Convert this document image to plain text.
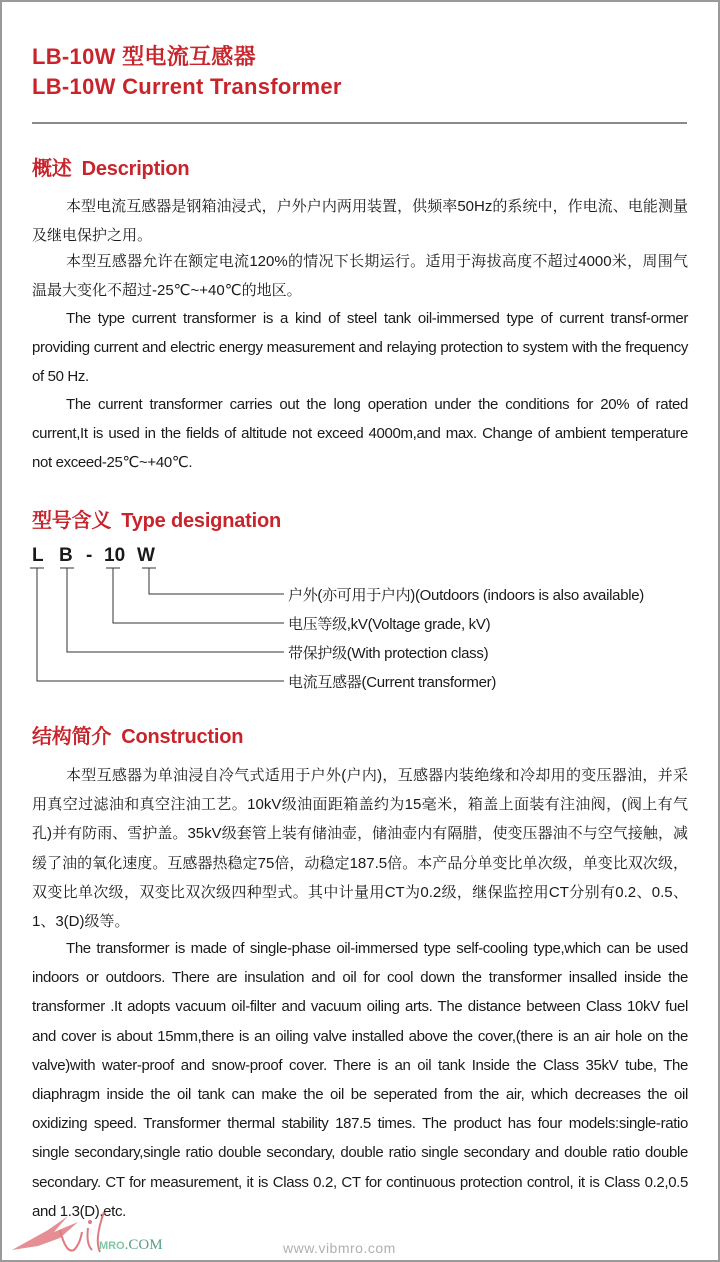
LB-10W 型电流互感器
LB-10W Current Transformer
概述 Description
本型电流互感器是钢箱油浸式，户外户内两用装置，供频率50Hz的系统中，作电流、电能测量及继电保护之用。
本型互感器允许在额定电流120%的情况下长期运行。适用于海拔高度不超过4000米，周围气温最大变化不超过-25℃~+40℃的地区。
The type current transformer is a kind of steel tank oil-immersed type of current transf-ormer providing current and electric energy measurement and relaying protection to system with the frequency of 50 Hz.
The current transformer carries out the long operation under the conditions for 20% of rated current,It is used in the fields of altitude not exceed 4000m,and max. Change of ambient temperature not exceed-25℃~+40℃.
型号含义 Type designation
L B - 10 W
户外(亦可用于户内)(Outdoors (indoors is also available)
电压等级,kV(Voltage grade, kV)
带保护级(With protection class)
电流互感器(Current transformer)
结构简介 Construction
本型互感器为单油浸自冷气式适用于户外(户内)，互感器内装绝缘和冷却用的变压器油，并采用真空过滤油和真空注油工艺。10kV级油面距箱盖约为15毫米，箱盖上面装有注油阀，(阀上有气孔)并有防雨、雪护盖。35kV级套管上装有储油壶，储油壶内有隔腊，使变压器油不与空气接触，减缓了油的氧化速度。互感器热稳定75倍，动稳定187.5倍。本产品分单变比单次级，单变比双次级，双变比单次级，双变比双次级四种型式。其中计量用CT为0.2级，继保监控用CT分别有0.2、0.5、1、3(D)级等。
The transformer is made of single-phase oil-immersed type self-cooling type,which can be used indoors or outdoors. There are insulation and oil for cool down the transformer insalled inside the transformer .It adopts vacuum oil-filter and vacuum oiling arts. The distance between Class 10kV fuel and cover is about 15mm,there is an oiling valve installed above the cover,(there is an air hole on the valve)with water-proof and snow-proof cover. There is an oil tank Inside the Class 35kV tube, The diaphragm inside the oil tank can make the oil be seperated from the air, which decreases the oil oxidizing speed. Transformer thermal stability 187.5 times. The product has four models:single-ratio single secondary,single ratio double secondary, double ratio single secondary and double ratio double secondary. CT for measurement, it is Class 0.2, CT for continuous protection control, it is Class 0.2,0.5 and 1.3(D),etc.
MRO.COM	www.vibmro.com
